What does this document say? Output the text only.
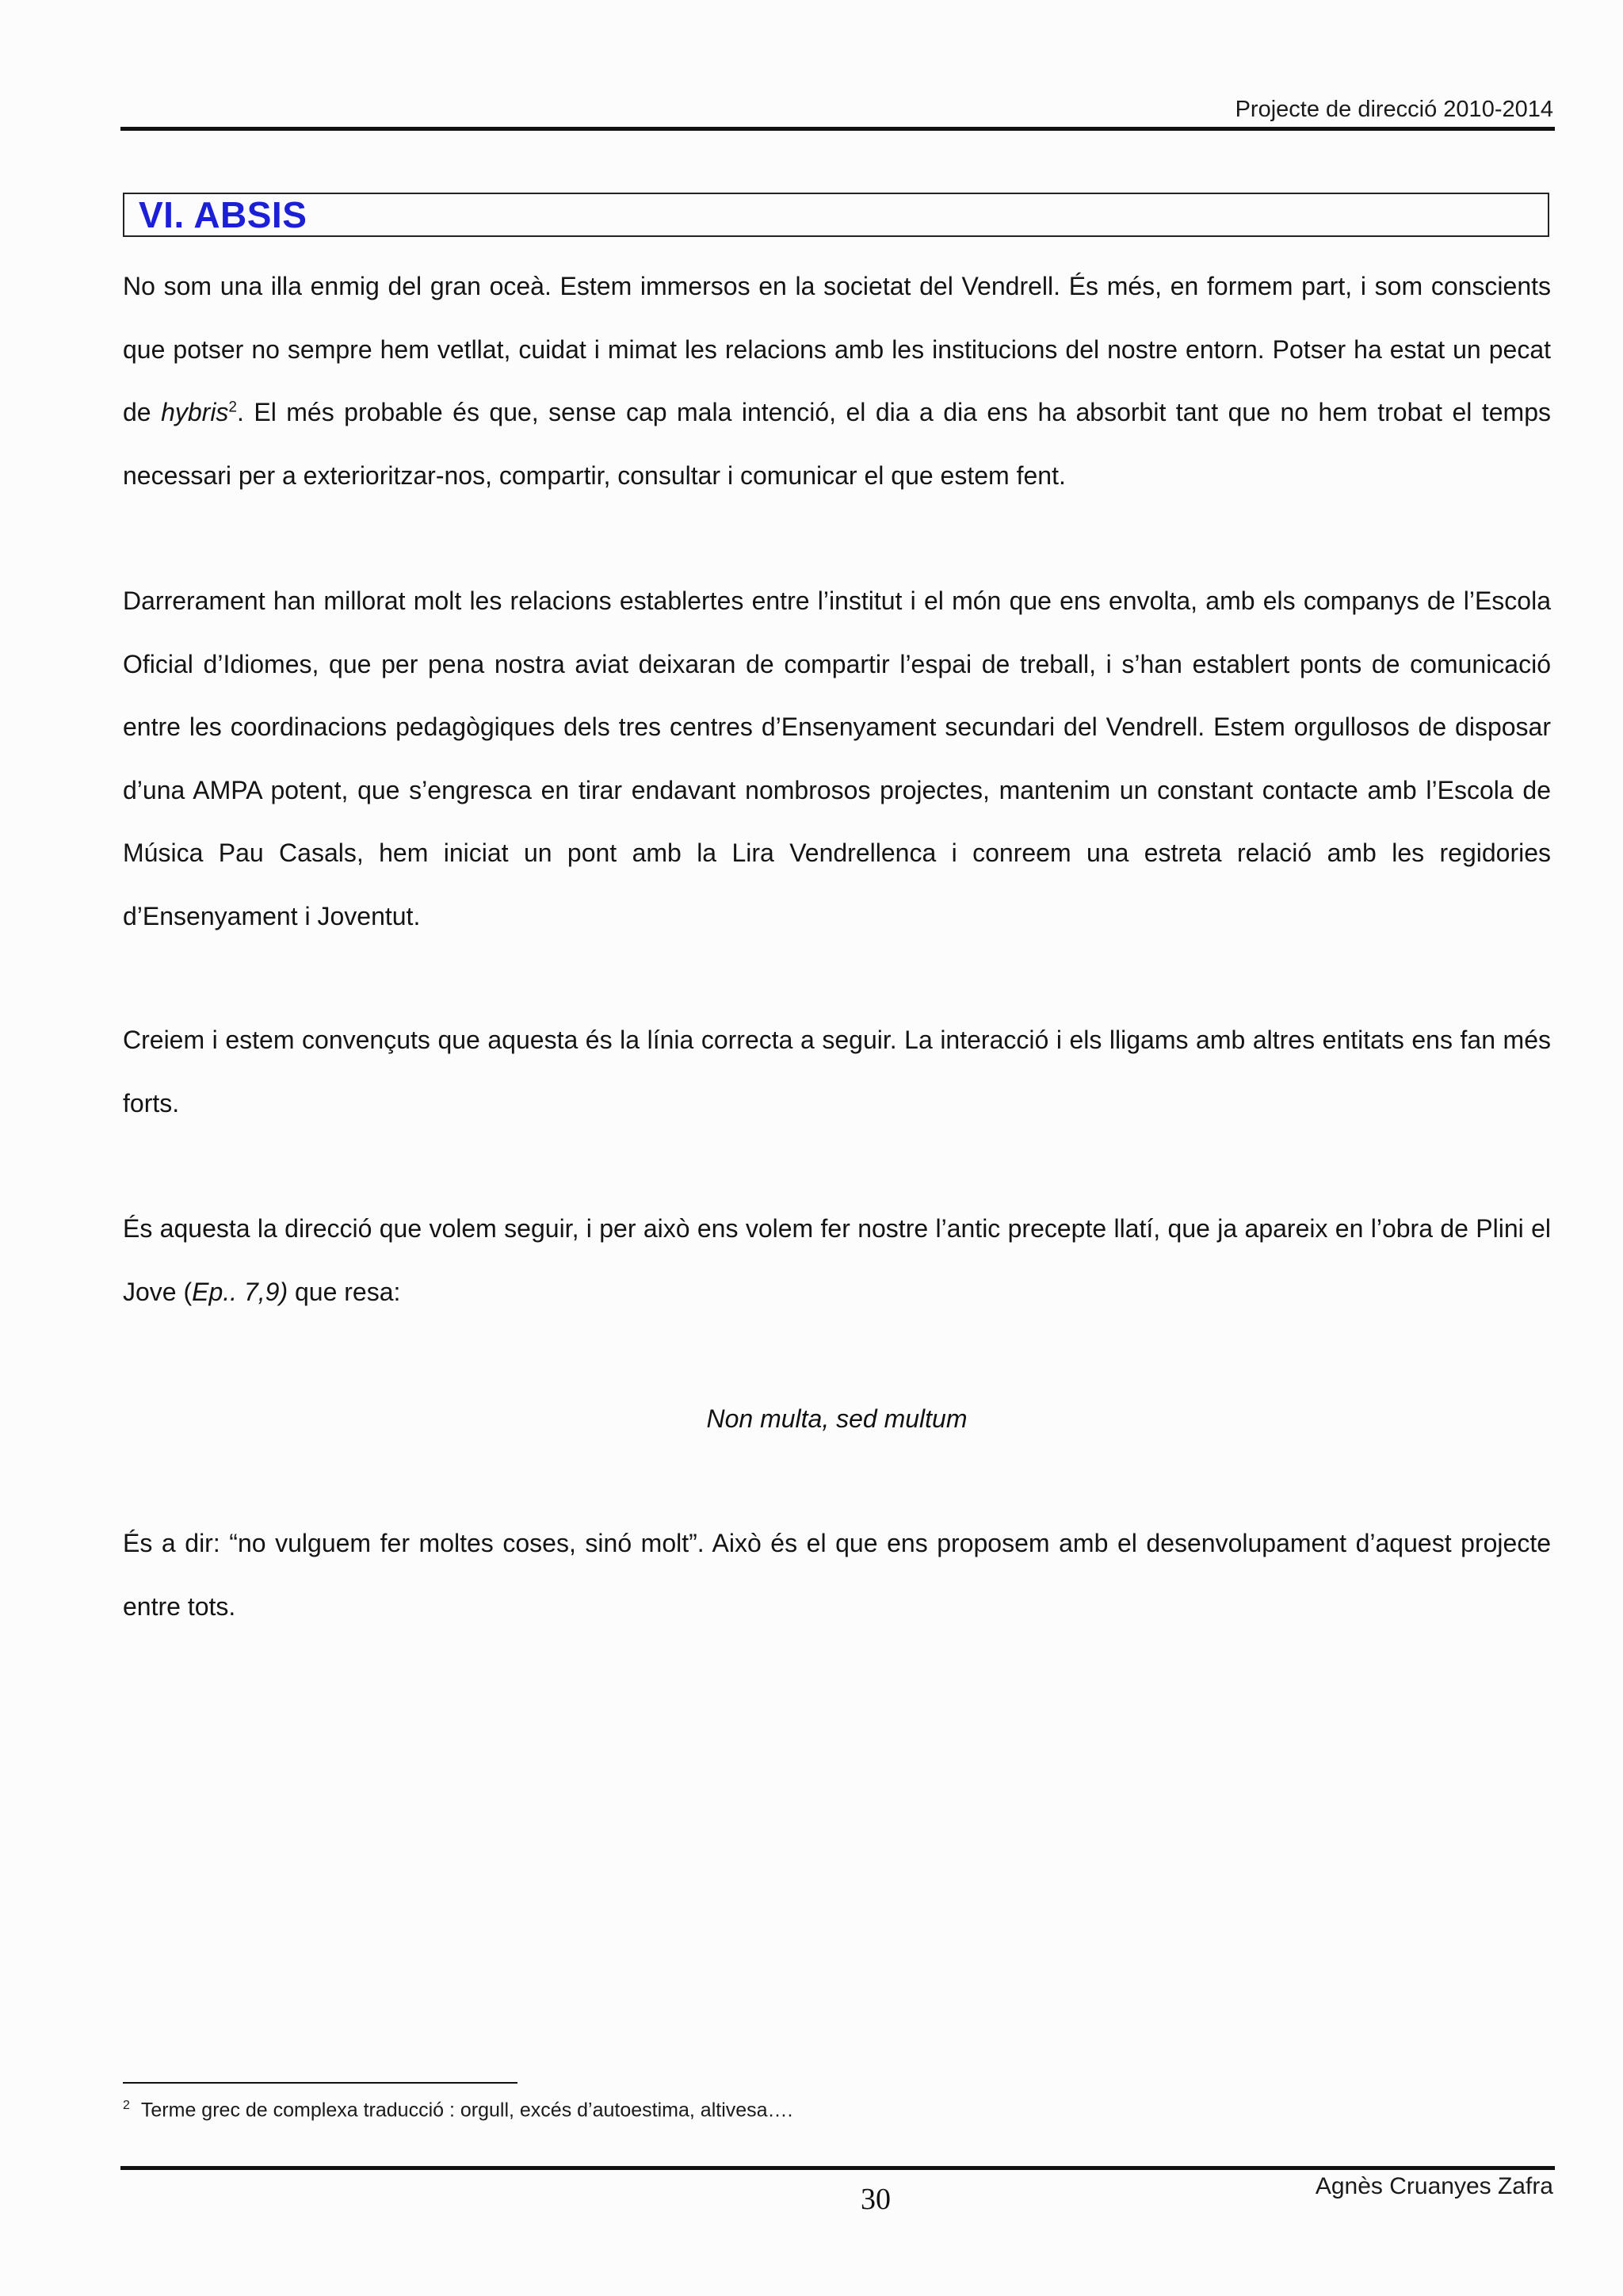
Projecte de direcció 2010-2014
VI. ABSIS
No som una illa enmig del gran oceà. Estem immersos en la societat del Vendrell. És més, en formem part, i som conscients que potser no sempre hem vetllat, cuidat i mimat les relacions amb les institucions del nostre entorn. Potser ha estat un pecat de hybris$^2$. El més probable és que, sense cap mala intenció, el dia a dia ens ha absorbit tant que no hem trobat el temps necessari per a exterioritzar-nos, compartir, consultar i comunicar el que estem fent.
Darrerament han millorat molt les relacions establertes entre l’institut i el món que ens envolta, amb els companys de l’Escola Oficial d’Idiomes, que per pena nostra aviat deixaran de compartir l’espai de treball, i s’han establert ponts de comunicació entre les coordinacions pedagògiques dels tres centres d’Ensenyament secundari del Vendrell. Estem orgullosos de disposar d’una AMPA potent, que s’engresca en tirar endavant nombrosos projectes, mantenim un constant contacte amb l’Escola de Música Pau Casals, hem iniciat un pont amb la Lira Vendrellenca i conreem una estreta relació amb les regidories d’Ensenyament i Joventut.
Creiem i estem convençuts que aquesta és la línia correcta a seguir. La interacció i els lligams amb altres entitats ens fan més forts.
És aquesta la direcció que volem seguir, i per això ens volem fer nostre l’antic precepte llatí, que ja apareix en l’obra de Plini el Jove (Ep.. 7,9) que resa:
Non multa, sed multum
És a dir: “no vulguem fer moltes coses, sinó molt”. Això és el que ens proposem amb el desenvolupament d’aquest projecte entre tots.
$^2$ Terme grec de complexa traducció : orgull, excés d’autoestima, altivesa….
30	Agnès Cruanyes Zafra
